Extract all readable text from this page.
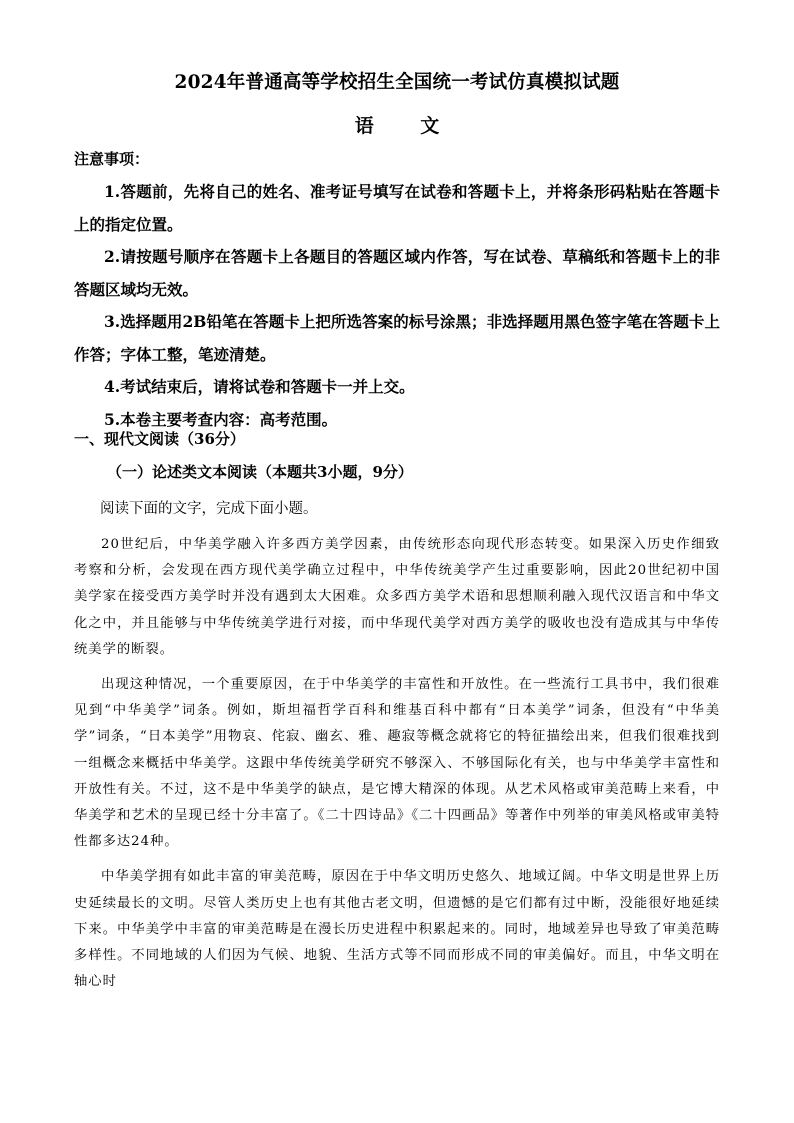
2024年普通高等学校招生全国统一考试仿真模拟试题
语 文
注意事项：

1.答题前，先将自己的姓名、准考证号填写在试卷和答题卡上，并将条形码粘贴在答题卡上的指定位置。

2.请按题号顺序在答题卡上各题目的答题区域内作答，写在试卷、草稿纸和答题卡上的非答题区域均无效。

3.选择题用2B铅笔在答题卡上把所选答案的标号涂黑；非选择题用黑色签字笔在答题卡上作答；字体工整，笔迹清楚。

4.考试结束后，请将试卷和答题卡一并上交。

5.本卷主要考查内容：高考范围。

一、现代文阅读（36分）
（一）论述类文本阅读（本题共3小题，9分）
阅读下面的文字，完成下面小题。

20世纪后，中华美学融入许多西方美学因素，由传统形态向现代形态转变。如果深入历史作细致考察和分析，会发现在西方现代美学确立过程中，中华传统美学产生过重要影响，因此20世纪初中国美学家在接受西方美学时并没有遇到太大困难。众多西方美学术语和思想顺利融入现代汉语言和中华文化之中，并且能够与中华传统美学进行对接，而中华现代美学对西方美学的吸收也没有造成其与中华传统美学的断裂。

出现这种情况，一个重要原因，在于中华美学的丰富性和开放性。在一些流行工具书中，我们很难见到“中华美学”词条。例如，斯坦福哲学百科和维基百科中都有“日本美学”词条，但没有“中华美学”词条，“日本美学”用物哀、侘寂、幽玄、雅、趣寂等概念就将它的特征描绘出来，但我们很难找到一组概念来概括中华美学。这跟中华传统美学研究不够深入、不够国际化有关，也与中华美学丰富性和开放性有关。不过，这不是中华美学的缺点，是它博大精深的体现。从艺术风格或审美范畴上来看，中华美学和艺术的呈现已经十分丰富了。《二十四诗品》《二十四画品》等著作中列举的审美风格或审美特性都多达24种。

中华美学拥有如此丰富的审美范畴，原因在于中华文明历史悠久、地域辽阔。中华文明是世界上历史延续最长的文明。尽管人类历史上也有其他古老文明，但遗憾的是它们都有过中断，没能很好地延续下来。中华美学中丰富的审美范畴是在漫长历史进程中积累起来的。同时，地域差异也导致了审美范畴多样性。不同地域的人们因为气候、地貌、生活方式等不同而形成不同的审美偏好。而且，中华文明在轴心时
